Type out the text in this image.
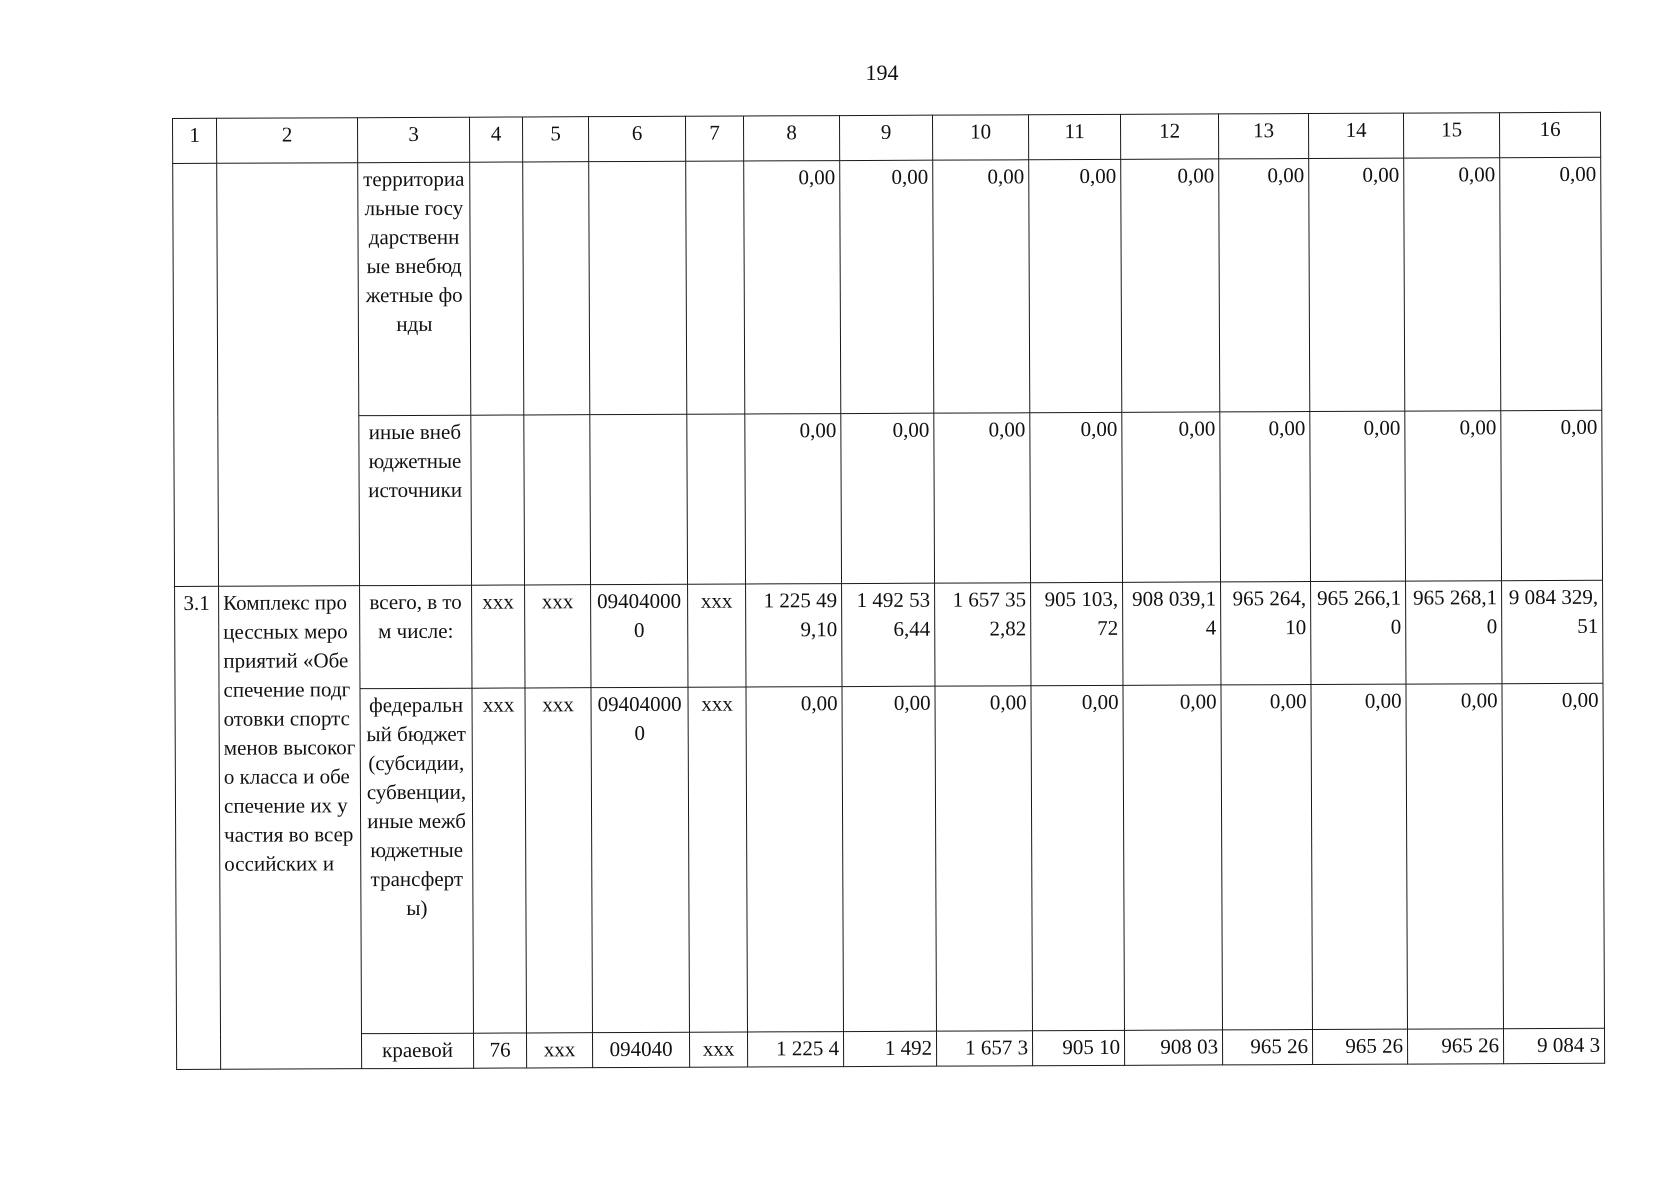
194
1	2	3	4	5	6	7	8	9	10	11	12	13	14	15	16
		территориальные государственные внебюджетные фонды					0,00	0,00	0,00	0,00	0,00	0,00	0,00	0,00	0,00
		иные внебюджетные источники					0,00	0,00	0,00	0,00	0,00	0,00	0,00	0,00	0,00
3.1	Комплекс процессных мероприятий «Обеспечение подготовки спортсменов высокого класса и обеспечение их участия во всероссийских и	всего, в том числе:	xxx	xxx	094040000	xxx	1 225 499,10	1 492 536,44	1 657 352,82	905 103,72	908 039,14	965 264,10	965 266,10	965 268,10	9 084 329,51
		федеральный бюджет (субсидии, субвенции, иные межбюджетные трансферты)	xxx	xxx	094040000	xxx	0,00	0,00	0,00	0,00	0,00	0,00	0,00	0,00	0,00
		краевой	76	xxx	094040	xxx	1 225 4	1 492	1 657 3	905 10	908 03	965 26	965 26	965 26	9 084 3
